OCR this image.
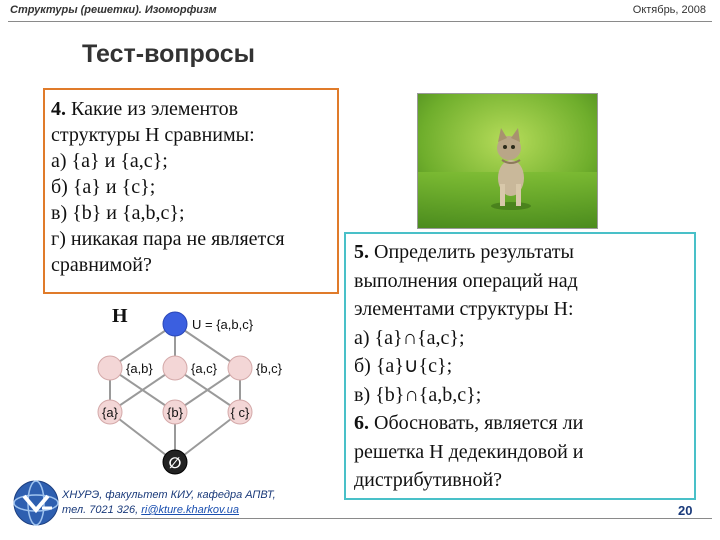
Структуры (решетки). Изоморфизм	Октябрь, 2008
Тест-вопросы
4. Какие из элементов
структуры H сравнимы:
а) {a} и {a,c};
б) {a} и {c};
в) {b} и {a,b,c};
г) никакая пара не является
сравнимой?
5. Определить результаты
выполнения операций над
элементами структуры H:
а) {a}∩{a,c};
б) {a}∪{c};
в) {b}∩{a,b,c};
6. Обосновать, является ли
решетка H дедекиндовой и
дистрибутивной?
H	U = {a,b,c}
{a,b}	{a,c}	{b,c}
{a}	{b}	{ c}
∅
ХНУРЭ, факультет КИУ, кафедра АПВТ,
тел. 7021 326, ri@kture.kharkov.ua	20
